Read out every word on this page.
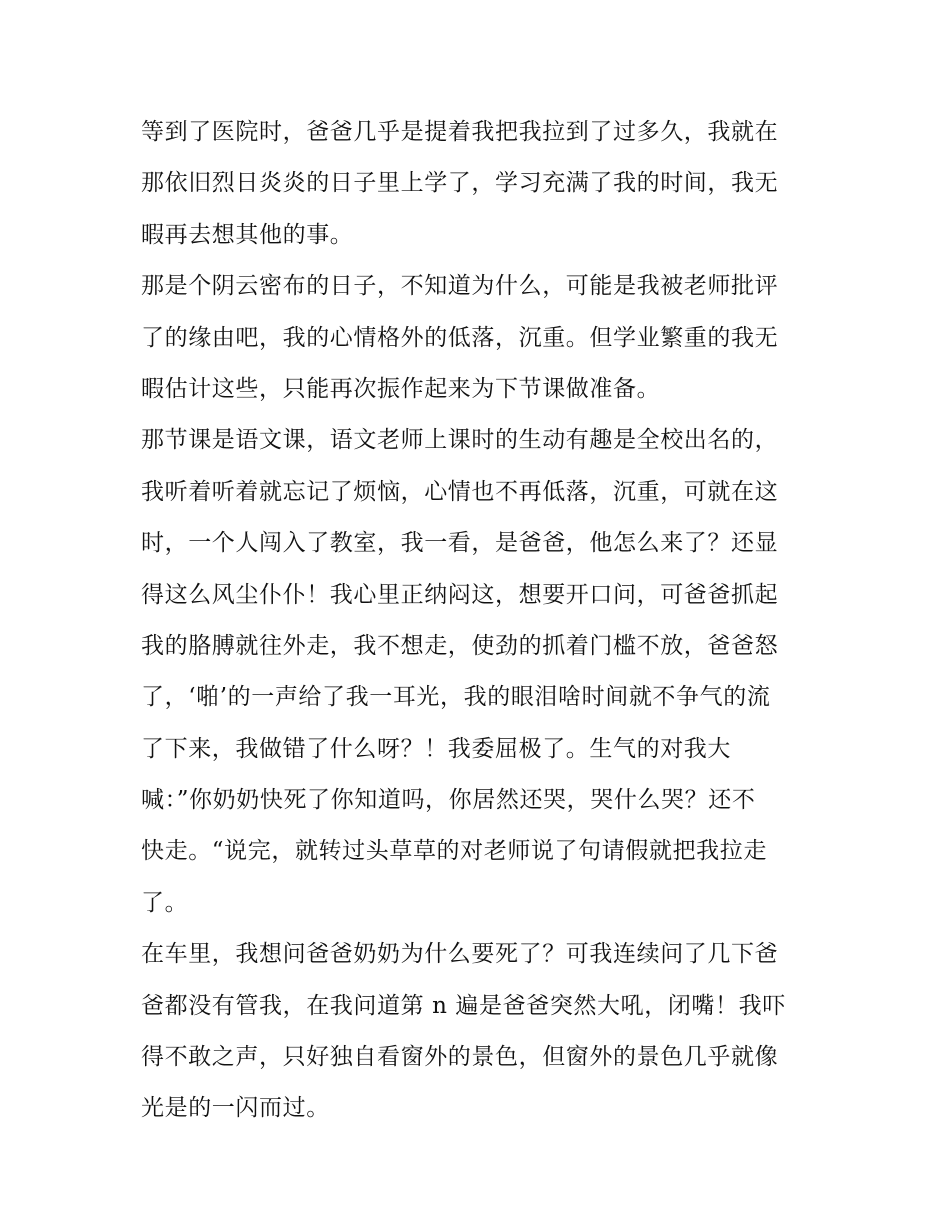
等到了医院时，爸爸几乎是提着我把我拉到了过多久，我就在
那依旧烈日炎炎的日子里上学了，学习充满了我的时间，我无
暇再去想其他的事。
那是个阴云密布的日子，不知道为什么，可能是我被老师批评
了的缘由吧，我的心情格外的低落，沉重。但学业繁重的我无
暇估计这些，只能再次振作起来为下节课做准备。
那节课是语文课，语文老师上课时的生动有趣是全校出名的，
我听着听着就忘记了烦恼，心情也不再低落，沉重，可就在这
时，一个人闯入了教室，我一看，是爸爸，他怎么来了？还显
得这么风尘仆仆！我心里正纳闷这，想要开口问，可爸爸抓起
我的胳膊就往外走，我不想走，使劲的抓着门槛不放，爸爸怒
了，‘啪’的一声给了我一耳光，我的眼泪啥时间就不争气的流
了下来，我做错了什么呀？！我委屈极了。生气的对我大
喊：”你奶奶快死了你知道吗，你居然还哭，哭什么哭？还不
快走。“说完，就转过头草草的对老师说了句请假就把我拉走
了。
在车里，我想问爸爸奶奶为什么要死了？可我连续问了几下爸
爸都没有管我，在我问道第 n 遍是爸爸突然大吼，闭嘴！我吓
得不敢之声，只好独自看窗外的景色，但窗外的景色几乎就像
光是的一闪而过。
